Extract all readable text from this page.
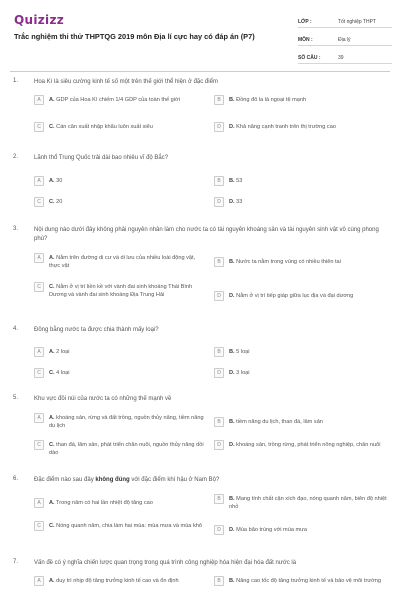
Quizizz
Trắc nghiệm thi thử THPTQG 2019 môn Địa lí cực hay có đáp án (P7)
LỚP :	Tốt nghiệp THPT
MÔN :	Địa lý
SỐ CÂU :	39
1.	Hoa Kì là siêu cường kinh tế số một trên thế giới thể hiện ở đặc điểm
A	A. GDP của Hoa Kì chiếm 1/4 GDP của toàn thế giới	B	B. Đồng đô la là ngoại tệ mạnh
C	C. Cán cân xuất nhập khẩu luôn xuất siêu	D	D. Khả năng cạnh tranh trên thị trường cao
2.	Lãnh thổ Trung Quốc trải dài bao nhiêu vĩ độ Bắc?
A	A. 30	B	B. 53
C	C. 20	D	D. 33
3.	Nội dung nào dưới đây không phải nguyên nhân làm cho nước ta có tài nguyên khoáng sản và tài nguyên sinh vật vô cùng phong phú?
A	A. Nằm trên đường di cư và di lưu của nhiều loài động vật, thực vật
B	B. Nước ta nằm trong vùng có nhiều thiên tai
C	C. Nằm ở vị trí liền kề với vành đai sinh khoáng Thái Bình Dương và vành đai sinh khoáng Địa Trung Hải	D	D. Nằm ở vị trí tiếp giáp giữa lục địa và đại dương
4.	Đồng bằng nước ta được chia thành mấy loại?
A	A. 2 loại	B	B. 5 loại
C	C. 4 loại	D	D. 3 loại
5.	Khu vực đồi núi của nước ta có những thế mạnh về
A	A. khoáng sản, rừng và đất trồng, nguồn thủy năng, tiềm năng du lịch
B	B. tiềm năng du lịch, than đá, lâm sản
C	C. than đá, lâm sản, phát triển chăn nuôi, nguồn thủy năng dồi dào
D	D. khoáng sản, trồng rừng, phát triển nông nghiệp, chăn nuôi
6.	Đặc điểm nào sau đây không đúng với đặc điểm khí hậu ở Nam Bộ?
A	A. Trong năm có hai lần nhiệt độ tăng cao
B	B. Mang tính chất cận xích đạo, nóng quanh năm, biên độ nhiệt nhỏ
C	C. Nóng quanh năm, chia làm hai mùa: mùa mưa và mùa khô
D	D. Mùa bão trùng với mùa mưa
7.	Vấn đề có ý nghĩa chiến lược quan trọng trong quá trình công nghiệp hóa hiện đại hóa đất nước là
A	A. duy trì nhịp độ tăng trưởng kinh tế cao và ổn định	B	B. Nâng cao tốc độ tăng trưởng kinh tế và bảo vệ môi trường
